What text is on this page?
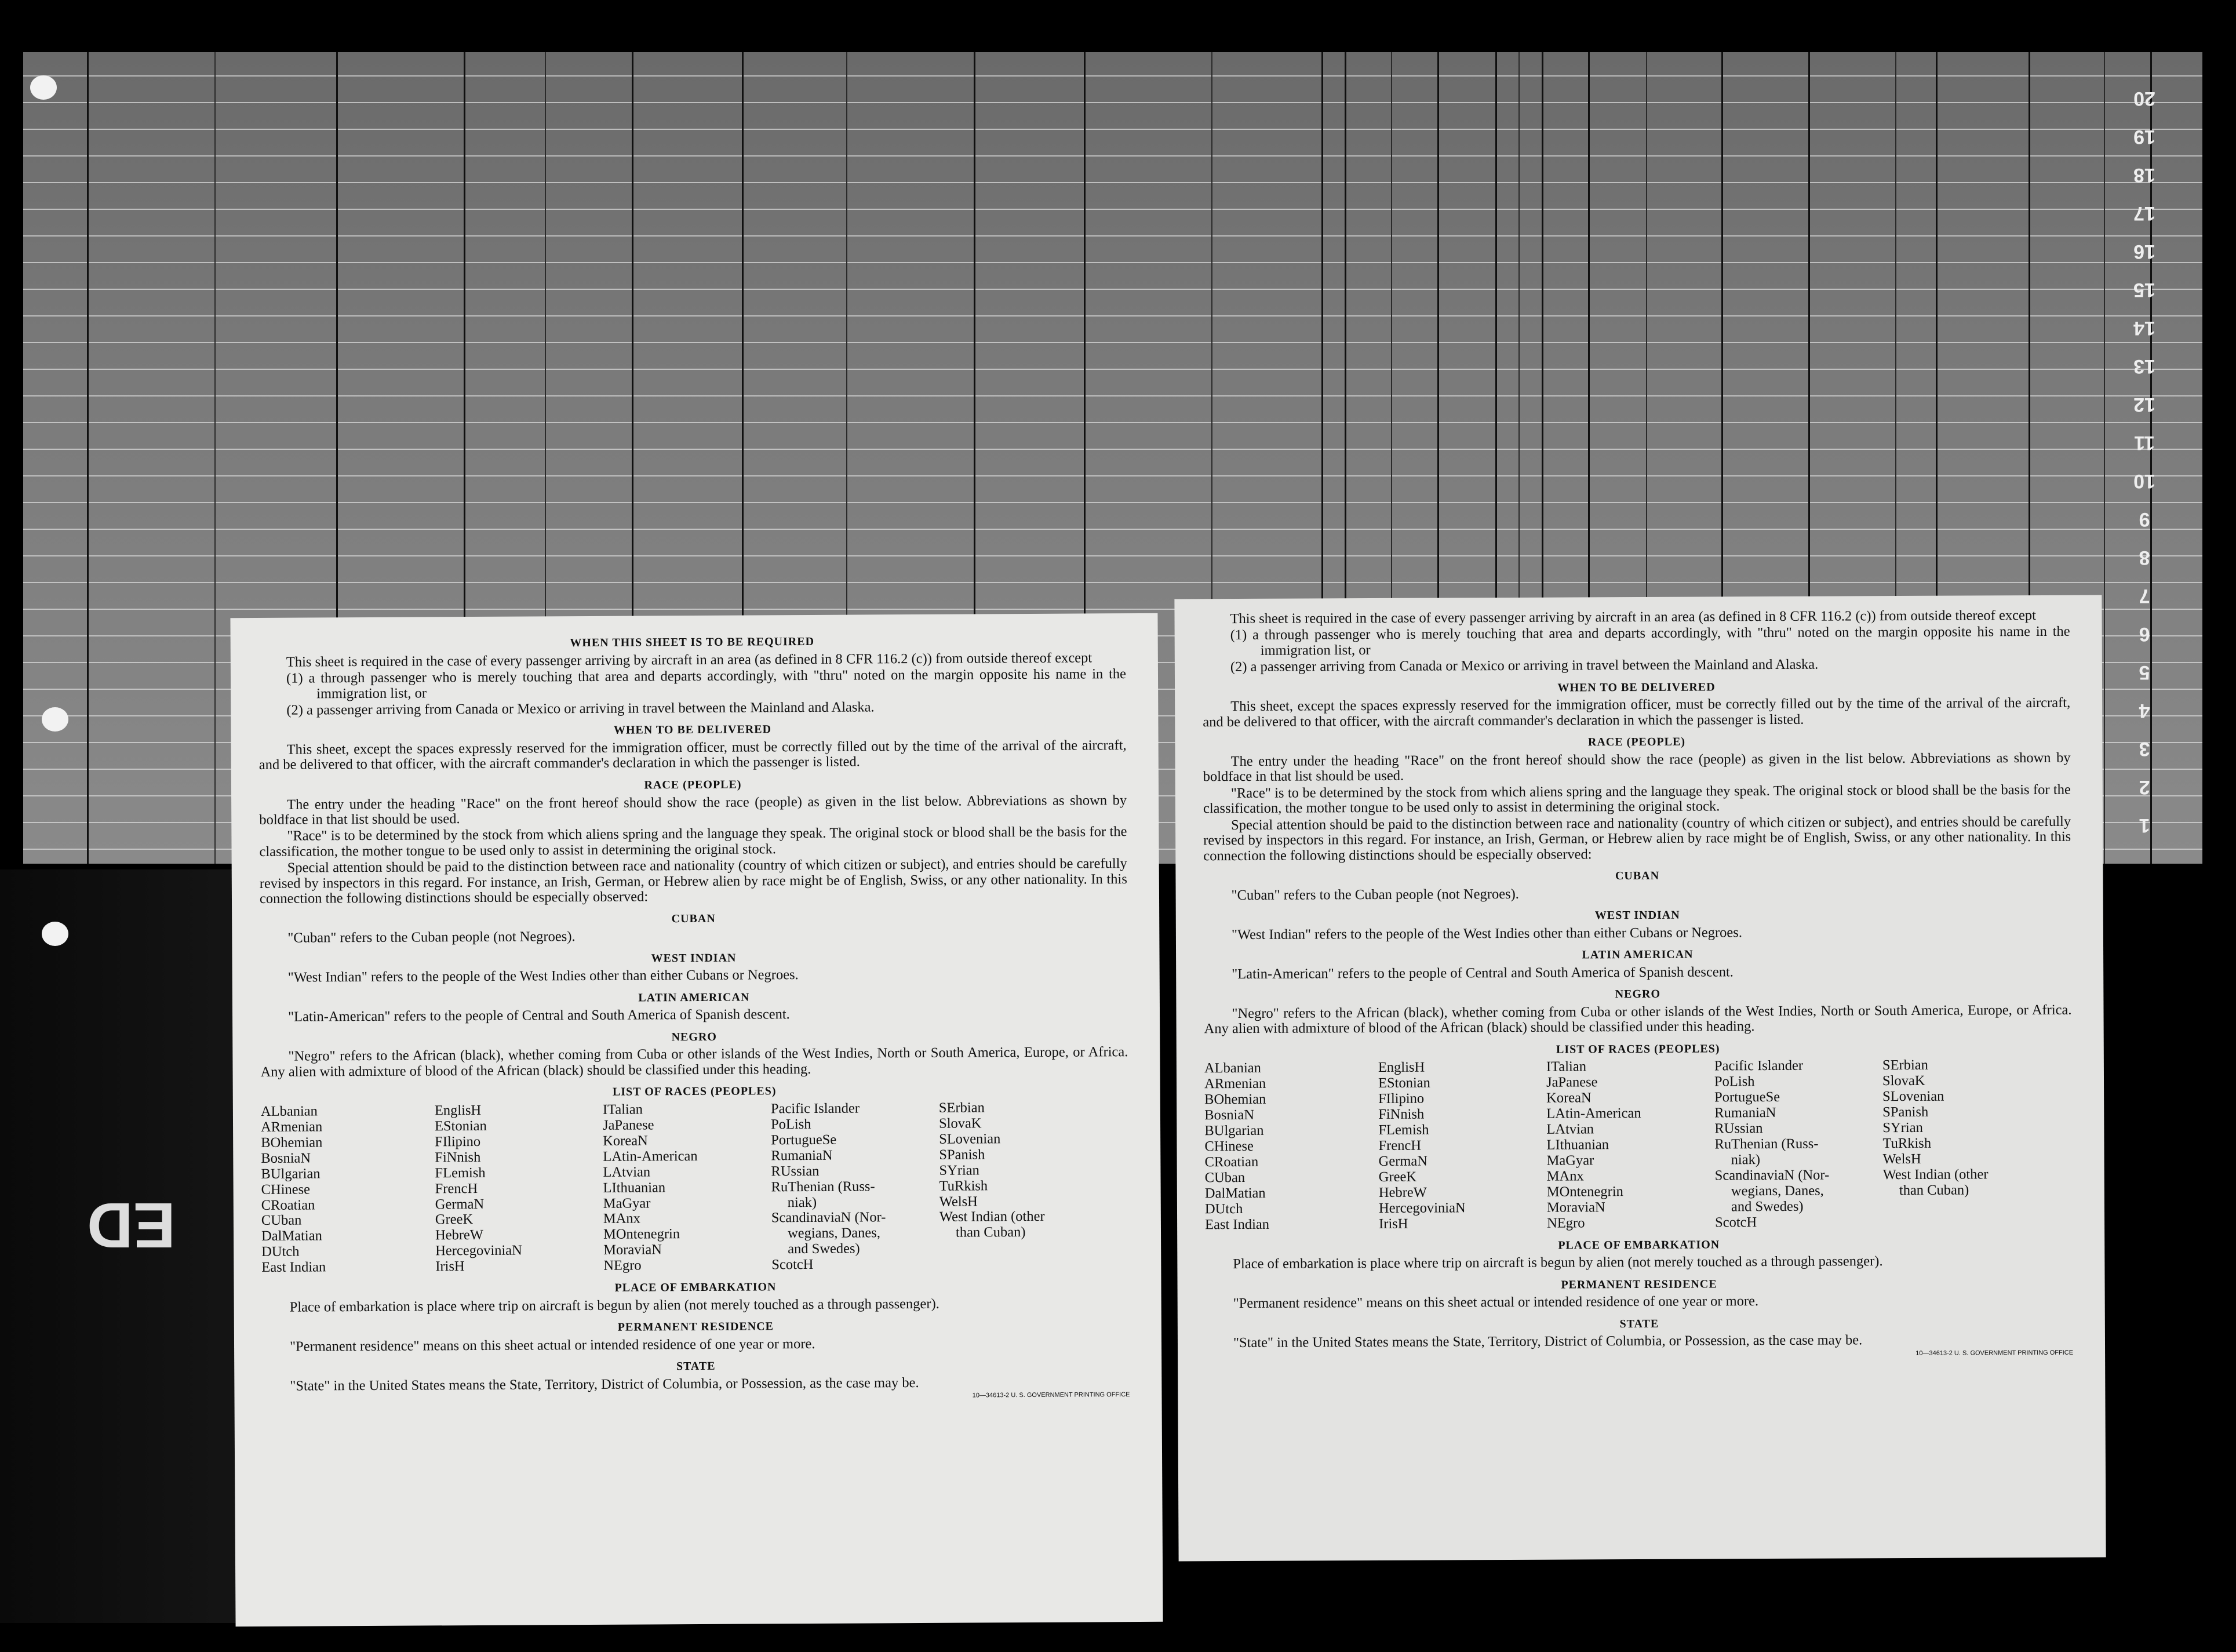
20
19
18
17
16
15
14
13
12
11
10
9
8
7
6
5
4
3
2
1
ED
WHEN THIS SHEET IS TO BE REQUIRED

This sheet is required in the case of every passenger arriving by aircraft in an area (as defined in 8 CFR 116.2 (c)) from outside thereof except

(1) a through passenger who is merely touching that area and departs accordingly, with "thru" noted on the margin opposite his name in the immigration list, or

(2) a passenger arriving from Canada or Mexico or arriving in travel between the Mainland and Alaska.

WHEN TO BE DELIVERED

This sheet, except the spaces expressly reserved for the immigration officer, must be correctly filled out by the time of the arrival of the aircraft, and be delivered to that officer, with the aircraft commander's declaration in which the passenger is listed.

RACE (PEOPLE)

The entry under the heading "Race" on the front hereof should show the race (people) as given in the list below. Abbreviations as shown by boldface in that list should be used.

"Race" is to be determined by the stock from which aliens spring and the language they speak. The original stock or blood shall be the basis for the classification, the mother tongue to be used only to assist in determining the original stock.

Special attention should be paid to the distinction between race and nationality (country of which citizen or subject), and entries should be carefully revised by inspectors in this regard. For instance, an Irish, German, or Hebrew alien by race might be of English, Swiss, or any other nationality. In this connection the following distinctions should be especially observed:

CUBAN

"Cuban" refers to the Cuban people (not Negroes).

WEST INDIAN

"West Indian" refers to the people of the West Indies other than either Cubans or Negroes.

LATIN AMERICAN

"Latin-American" refers to the people of Central and South America of Spanish descent.

NEGRO

"Negro" refers to the African (black), whether coming from Cuba or other islands of the West Indies, North or South America, Europe, or Africa. Any alien with admixture of blood of the African (black) should be classified under this heading.

LIST OF RACES (PEOPLES)
ALbanian
ARmenian
BOhemian
BosniaN
BUlgarian
CHinese
CRoatian
CUban
DalMatian
DUtch
East Indian
EnglisH
EStonian
FIlipino
FiNnish
FLemish
FrencH
GermaN
GreeK
HebreW
HercegoviniaN
IrisH
ITalian
JaPanese
KoreaN
LAtin-American
LAtvian
LIthuanian
MaGyar
MAnx
MOntenegrin
MoraviaN
NEgro
Pacific Islander
PoLish
PortugueSe
RumaniaN
RUssian
RuThenian (Russ-
niak)
ScandinaviaN (Nor-
wegians, Danes,
and Swedes)
ScotcH
SErbian
SlovaK
SLovenian
SPanish
SYrian
TuRkish
WelsH
West Indian (other
than Cuban)
PLACE OF EMBARKATION

Place of embarkation is place where trip on aircraft is begun by alien (not merely touched as a through passenger).

PERMANENT RESIDENCE

"Permanent residence" means on this sheet actual or intended residence of one year or more.

STATE

"State" in the United States means the State, Territory, District of Columbia, or Possession, as the case may be.

10—34613-2 U. S. GOVERNMENT PRINTING OFFICE

This sheet is required in the case of every passenger arriving by aircraft in an area (as defined in 8 CFR 116.2 (c)) from outside thereof except

(1) a through passenger who is merely touching that area and departs accordingly, with "thru" noted on the margin opposite his name in the immigration list, or

(2) a passenger arriving from Canada or Mexico or arriving in travel between the Mainland and Alaska.

WHEN TO BE DELIVERED

This sheet, except the spaces expressly reserved for the immigration officer, must be correctly filled out by the time of the arrival of the aircraft, and be delivered to that officer, with the aircraft commander's declaration in which the passenger is listed.

RACE (PEOPLE)

The entry under the heading "Race" on the front hereof should show the race (people) as given in the list below. Abbreviations as shown by boldface in that list should be used.

"Race" is to be determined by the stock from which aliens spring and the language they speak. The original stock or blood shall be the basis for the classification, the mother tongue to be used only to assist in determining the original stock.

Special attention should be paid to the distinction between race and nationality (country of which citizen or subject), and entries should be carefully revised by inspectors in this regard. For instance, an Irish, German, or Hebrew alien by race might be of English, Swiss, or any other nationality. In this connection the following distinctions should be especially observed:

CUBAN

"Cuban" refers to the Cuban people (not Negroes).

WEST INDIAN

"West Indian" refers to the people of the West Indies other than either Cubans or Negroes.

LATIN AMERICAN

"Latin-American" refers to the people of Central and South America of Spanish descent.

NEGRO

"Negro" refers to the African (black), whether coming from Cuba or other islands of the West Indies, North or South America, Europe, or Africa. Any alien with admixture of blood of the African (black) should be classified under this heading.

LIST OF RACES (PEOPLES)
ALbanian
ARmenian
BOhemian
BosniaN
BUlgarian
CHinese
CRoatian
CUban
DalMatian
DUtch
East Indian
EnglisH
EStonian
FIlipino
FiNnish
FLemish
FrencH
GermaN
GreeK
HebreW
HercegoviniaN
IrisH
ITalian
JaPanese
KoreaN
LAtin-American
LAtvian
LIthuanian
MaGyar
MAnx
MOntenegrin
MoraviaN
NEgro
Pacific Islander
PoLish
PortugueSe
RumaniaN
RUssian
RuThenian (Russ-
niak)
ScandinaviaN (Nor-
wegians, Danes,
and Swedes)
ScotcH
SErbian
SlovaK
SLovenian
SPanish
SYrian
TuRkish
WelsH
West Indian (other
than Cuban)
PLACE OF EMBARKATION

Place of embarkation is place where trip on aircraft is begun by alien (not merely touched as a through passenger).

PERMANENT RESIDENCE

"Permanent residence" means on this sheet actual or intended residence of one year or more.

STATE

"State" in the United States means the State, Territory, District of Columbia, or Possession, as the case may be.

10—34613-2 U. S. GOVERNMENT PRINTING OFFICE
